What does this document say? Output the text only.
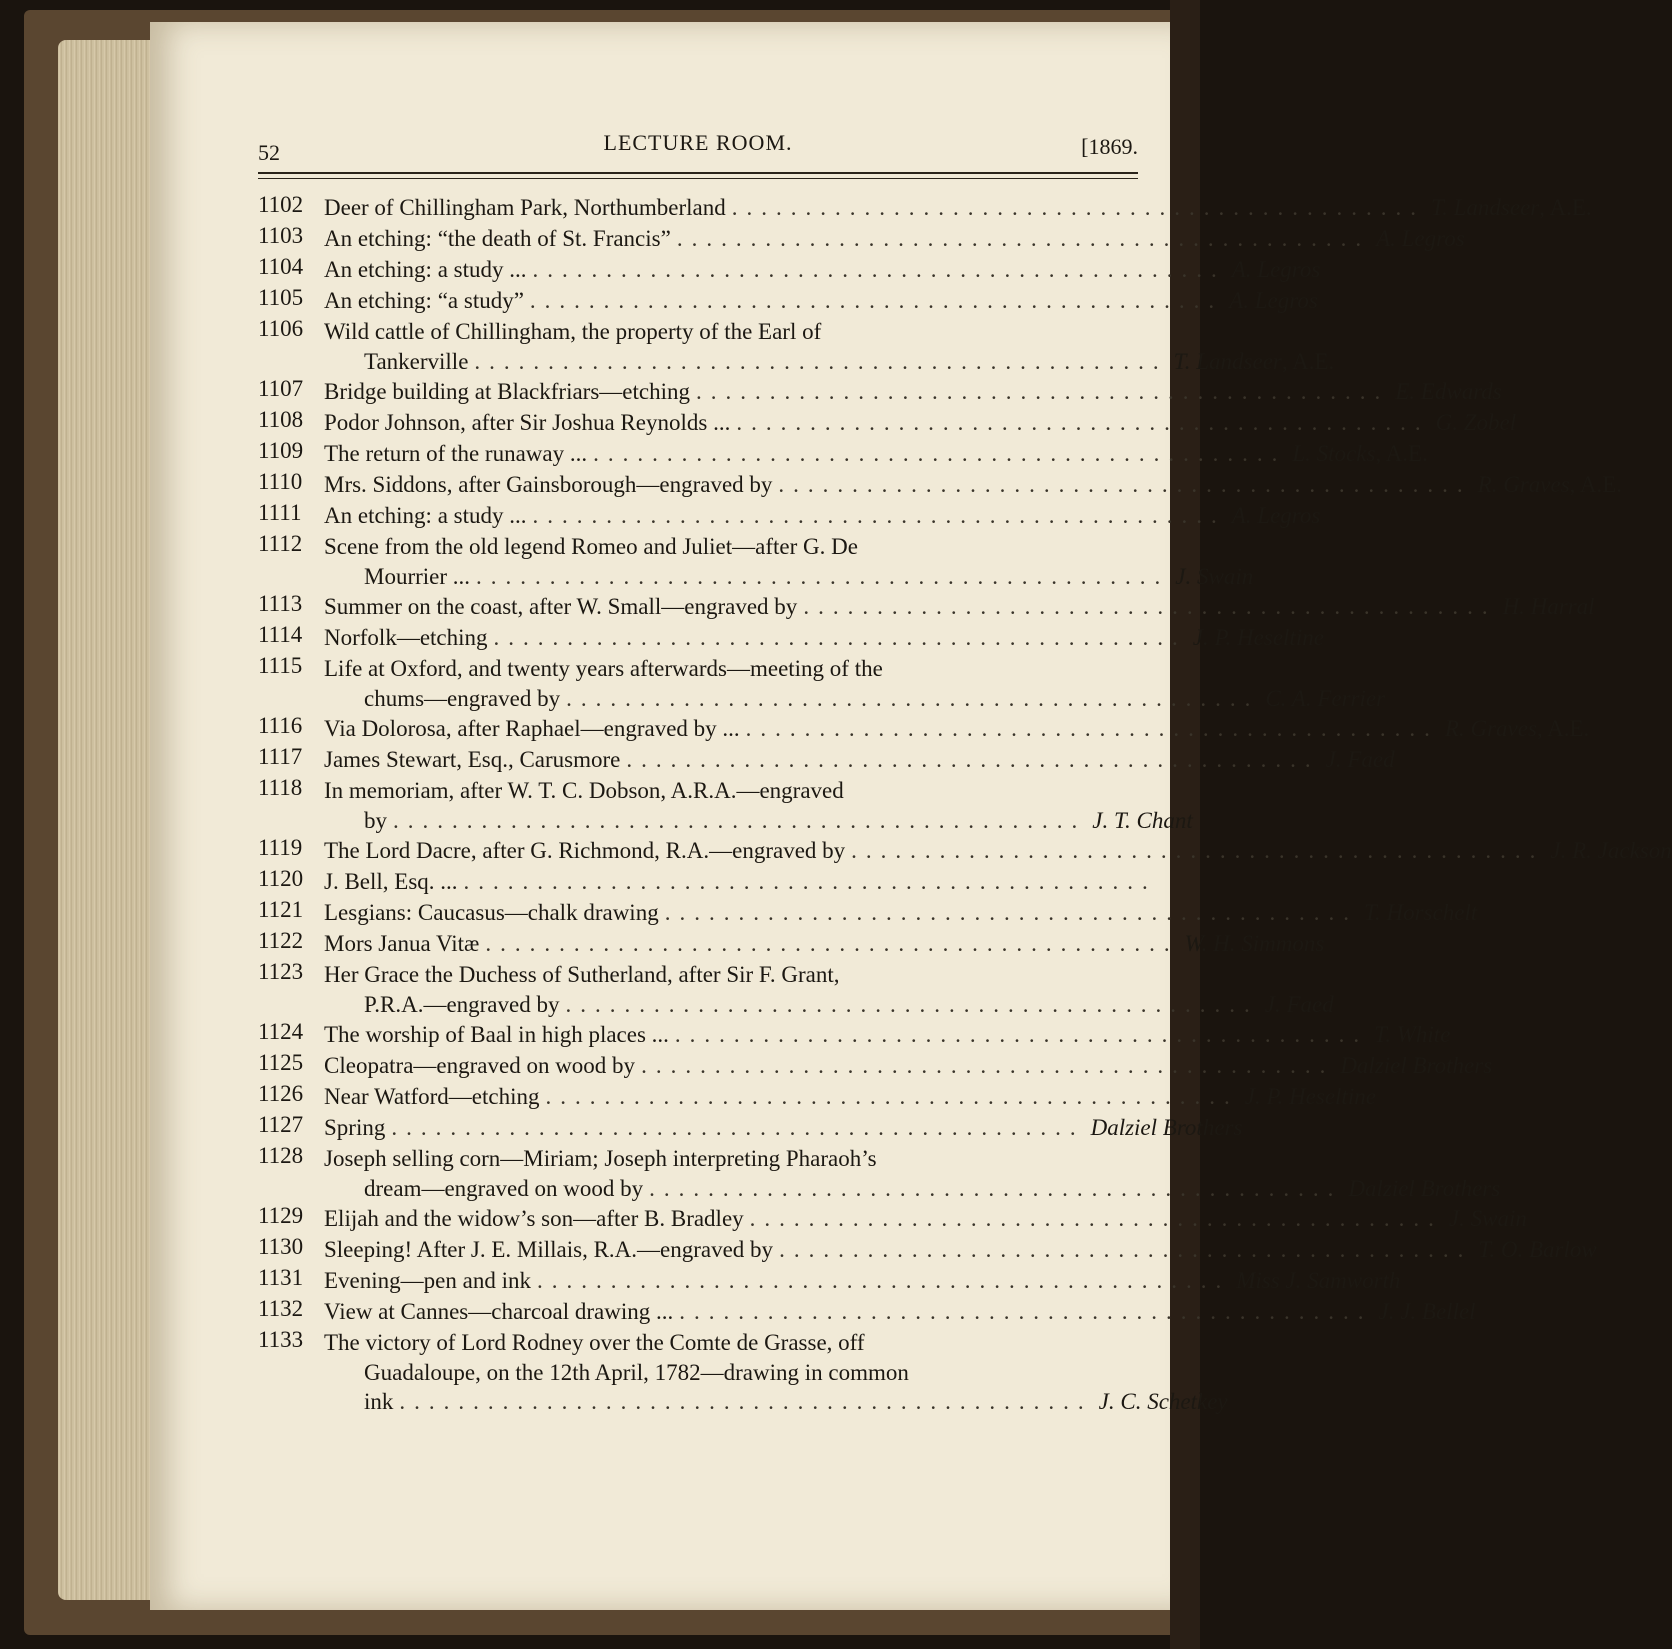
52	LECTURE ROOM.	[1869.
1102 Deer of Chillingham Park, Northumberland ............................................... T. Landseer, A.E.
1103 An etching: “the death of St. Francis” ............................................... A. Legros
1104 An etching: a study ... ............................................... A. Legros
1105 An etching: “a study” ............................................... A. Legros
1106 Wild cattle of Chillingham, the property of the Earl of
Tankerville ............................................... T. Landseer, A.E.
1107 Bridge building at Blackfriars—etching ............................................... E. Edwards
1108 Podor Johnson, after Sir Joshua Reynolds ... ............................................... G. Zobel
1109 The return of the runaway ... ............................................... L. Stocks, A.E.
1110 Mrs. Siddons, after Gainsborough—engraved by ............................................... R. Graves, A.E.
1111 An etching: a study ... ............................................... A. Legros
1112 Scene from the old legend Romeo and Juliet—after G. De
Mourrier ... ............................................... J. Swain
1113 Summer on the coast, after W. Small—engraved by ............................................... H. Harral
1114 Norfolk—etching ............................................... J. P. Heseltine
1115 Life at Oxford, and twenty years afterwards—meeting of the
chums—engraved by ............................................... C. A. Ferrier
1116 Via Dolorosa, after Raphael—engraved by ... ............................................... R. Graves, A.E.
1117 James Stewart, Esq., Carusmore ............................................... J. Faed
1118 In memoriam, after W. T. C. Dobson, A.R.A.—engraved
by ............................................... J. T. Chant
1119 The Lord Dacre, after G. Richmond, R.A.—engraved by ............................................... J. R. Jackson
1120 J. Bell, Esq. ... ...............................................
1121 Lesgians: Caucasus—chalk drawing ............................................... T. Horschelt
1122 Mors Janua Vitæ ............................................... W. H. Simmons
1123 Her Grace the Duchess of Sutherland, after Sir F. Grant,
P.R.A.—engraved by ............................................... J. Faed
1124 The worship of Baal in high places ... ............................................... T. White
1125 Cleopatra—engraved on wood by ............................................... Dalziel Brothers
1126 Near Watford—etching ............................................... J. P. Heseltine
1127 Spring ............................................... Dalziel Brothers
1128 Joseph selling corn—Miriam; Joseph interpreting Pharaoh’s
dream—engraved on wood by ............................................... Dalziel Brothers
1129 Elijah and the widow’s son—after B. Bradley ............................................... J. Swain
1130 Sleeping! After J. E. Millais, R.A.—engraved by ............................................... T. O. Barlow
1131 Evening—pen and ink ............................................... Miss J. Samworth
1132 View at Cannes—charcoal drawing ... ............................................... J. J. Bellel
1133 The victory of Lord Rodney over the Comte de Grasse, off
Guadaloupe, on the 12th April, 1782—drawing in common
ink ............................................... J. C. Schetkey
